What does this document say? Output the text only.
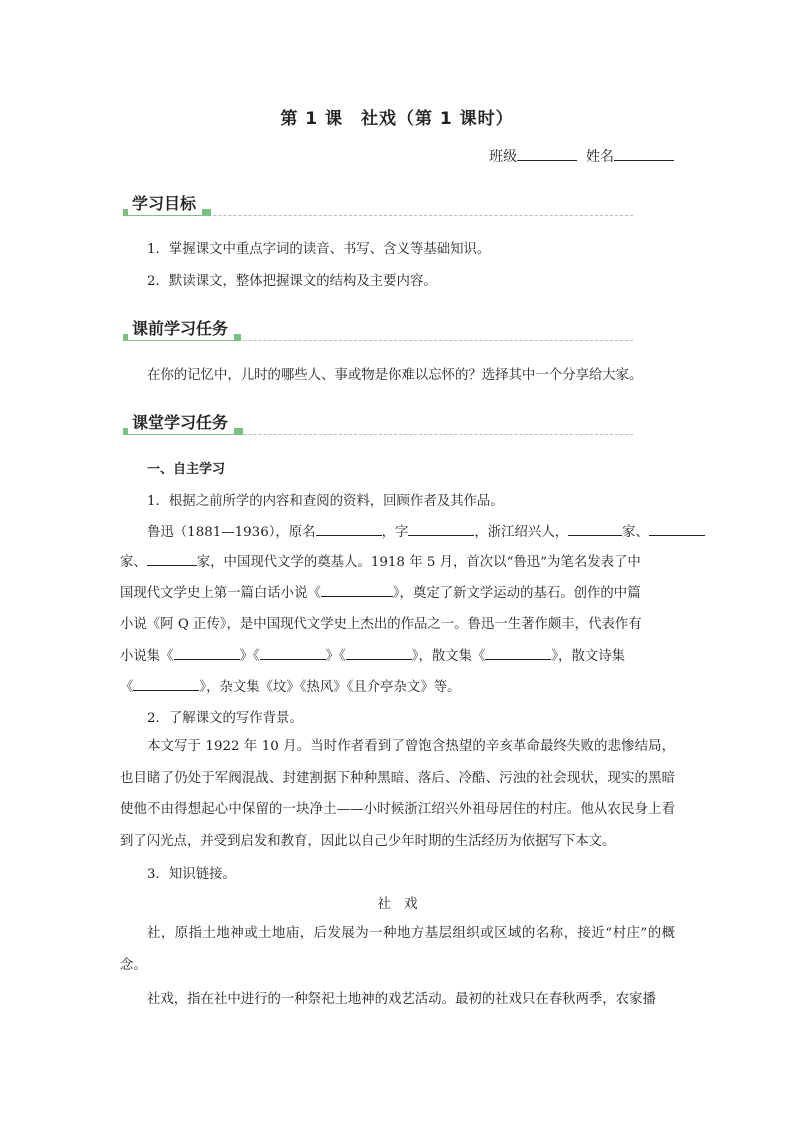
第 1 课　社戏（第 1 课时）
班级	姓名
学习目标
1．掌握课文中重点字词的读音、书写、含义等基础知识。
2．默读课文，整体把握课文的结构及主要内容。
课前学习任务
在你的记忆中，儿时的哪些人、事或物是你难以忘怀的？选择其中一个分享给大家。
课堂学习任务
一、自主学习
1．根据之前所学的内容和查阅的资料，回顾作者及其作品。
鲁迅（1881—1936），原名	，字	，浙江绍兴人，	家、
家、	家，中国现代文学的奠基人。1918 年 5 月，首次以“鲁迅”为笔名发表了中
国现代文学史上第一篇白话小说《	》，奠定了新文学运动的基石。创作的中篇
小说《阿 Q 正传》，是中国现代文学史上杰出的作品之一。鲁迅一生著作颇丰，代表作有
小说集《	》《	》《	》，散文集《	》，散文诗集
《	》，杂文集《坟》《热风》《且介亭杂文》等。
2．了解课文的写作背景。
本文写于 1922 年 10 月。当时作者看到了曾饱含热望的辛亥革命最终失败的悲惨结局，也目睹了仍处于军阀混战、封建割据下种种黑暗、落后、冷酷、污浊的社会现状，现实的黑暗使他不由得想起心中保留的一块净土——小时候浙江绍兴外祖母居住的村庄。他从农民身上看到了闪光点，并受到启发和教育，因此以自己少年时期的生活经历为依据写下本文。
3．知识链接。
社　戏
社，原指土地神或土地庙，后发展为一种地方基层组织或区域的名称，接近“村庄”的概念。
社戏，指在社中进行的一种祭祀土地神的戏艺活动。最初的社戏只在春秋两季，农家播
